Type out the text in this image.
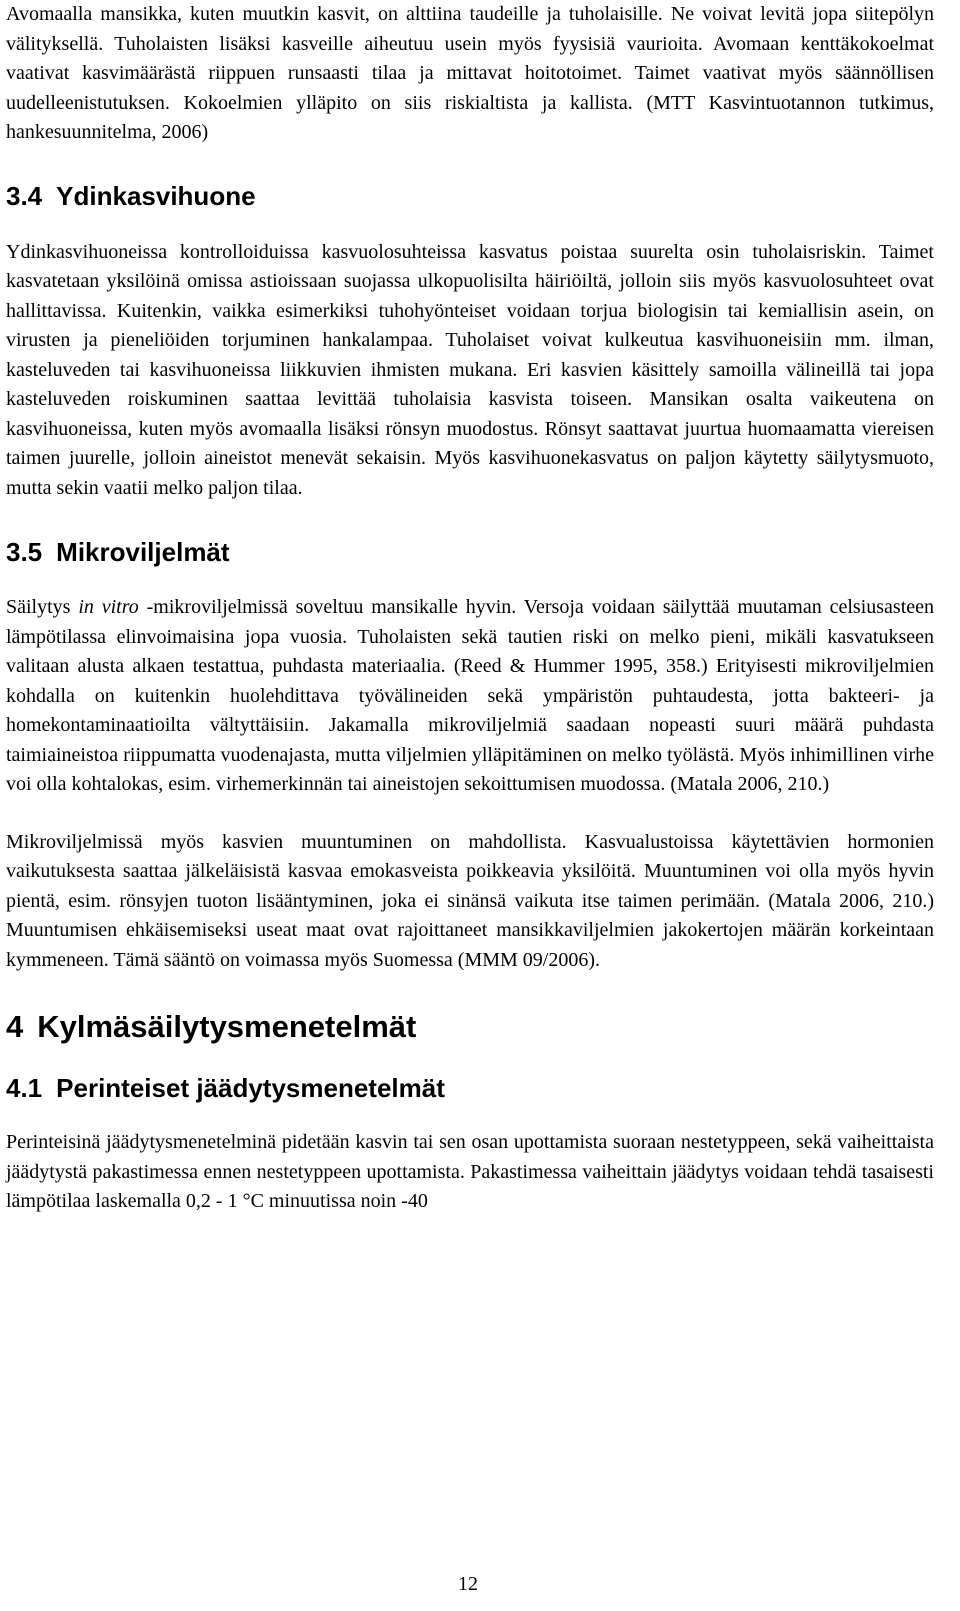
Avomaalla mansikka, kuten muutkin kasvit, on alttiina taudeille ja tuholaisille. Ne voivat levitä jopa siitepölyn välityksellä. Tuholaisten lisäksi kasveille aiheutuu usein myös fyysisiä vaurioita. Avomaan kenttäkokoelmat vaativat kasvimäärästä riippuen runsaasti tilaa ja mittavat hoitotoimet. Taimet vaativat myös säännöllisen uudelleenistutuksen. Kokoelmien ylläpito on siis riskialtista ja kallista. (MTT Kasvintuotannon tutkimus, hankesuunnitelma, 2006)

3.4 Ydinkasvihuone

Ydinkasvihuoneissa kontrolloiduissa kasvuolosuhteissa kasvatus poistaa suurelta osin tuholaisriskin. Taimet kasvatetaan yksilöinä omissa astioissaan suojassa ulkopuolisilta häiriöiltä, jolloin siis myös kasvuolosuhteet ovat hallittavissa. Kuitenkin, vaikka esimerkiksi tuhohyönteiset voidaan torjua biologisin tai kemiallisin asein, on virusten ja pieneliöiden torjuminen hankalampaa. Tuholaiset voivat kulkeutua kasvihuoneisiin mm. ilman, kasteluveden tai kasvihuoneissa liikkuvien ihmisten mukana. Eri kasvien käsittely samoilla välineillä tai jopa kasteluveden roiskuminen saattaa levittää tuholaisia kasvista toiseen. Mansikan osalta vaikeutena on kasvihuoneissa, kuten myös avomaalla lisäksi rönsyn muodostus. Rönsyt saattavat juurtua huomaamatta viereisen taimen juurelle, jolloin aineistot menevät sekaisin. Myös kasvihuonekasvatus on paljon käytetty säilytysmuoto, mutta sekin vaatii melko paljon tilaa.

3.5 Mikroviljelmät

Säilytys in vitro -mikroviljelmissä soveltuu mansikalle hyvin. Versoja voidaan säilyttää muutaman celsiusasteen lämpötilassa elinvoimaisina jopa vuosia. Tuholaisten sekä tautien riski on melko pieni, mikäli kasvatukseen valitaan alusta alkaen testattua, puhdasta materiaalia. (Reed & Hummer 1995, 358.) Erityisesti mikroviljelmien kohdalla on kuitenkin huolehdittava työvälineiden sekä ympäristön puhtaudesta, jotta bakteeri- ja homekontaminaatioilta vältyttäisiin. Jakamalla mikroviljelmiä saadaan nopeasti suuri määrä puhdasta taimiaineistoa riippumatta vuodenajasta, mutta viljelmien ylläpitäminen on melko työlästä. Myös inhimillinen virhe voi olla kohtalokas, esim. virhemerkinnän tai aineistojen sekoittumisen muodossa. (Matala 2006, 210.)

Mikroviljelmissä myös kasvien muuntuminen on mahdollista. Kasvualustoissa käytettävien hormonien vaikutuksesta saattaa jälkeläisistä kasvaa emokasveista poikkeavia yksilöitä. Muuntuminen voi olla myös hyvin pientä, esim. rönsyjen tuoton lisääntyminen, joka ei sinänsä vaikuta itse taimen perimään. (Matala 2006, 210.) Muuntumisen ehkäisemiseksi useat maat ovat rajoittaneet mansikkaviljelmien jakokertojen määrän korkeintaan kymmeneen. Tämä sääntö on voimassa myös Suomessa (MMM 09/2006).

4 Kylmäsäilytysmenetelmät
4.1 Perinteiset jäädytysmenetelmät

Perinteisinä jäädytysmenetelminä pidetään kasvin tai sen osan upottamista suoraan nestetyppeen, sekä vaiheittaista jäädytystä pakastimessa ennen nestetyppeen upottamista. Pakastimessa vaiheittain jäädytys voidaan tehdä tasaisesti lämpötilaa laskemalla 0,2 - 1 °C minuutissa noin -40

12
